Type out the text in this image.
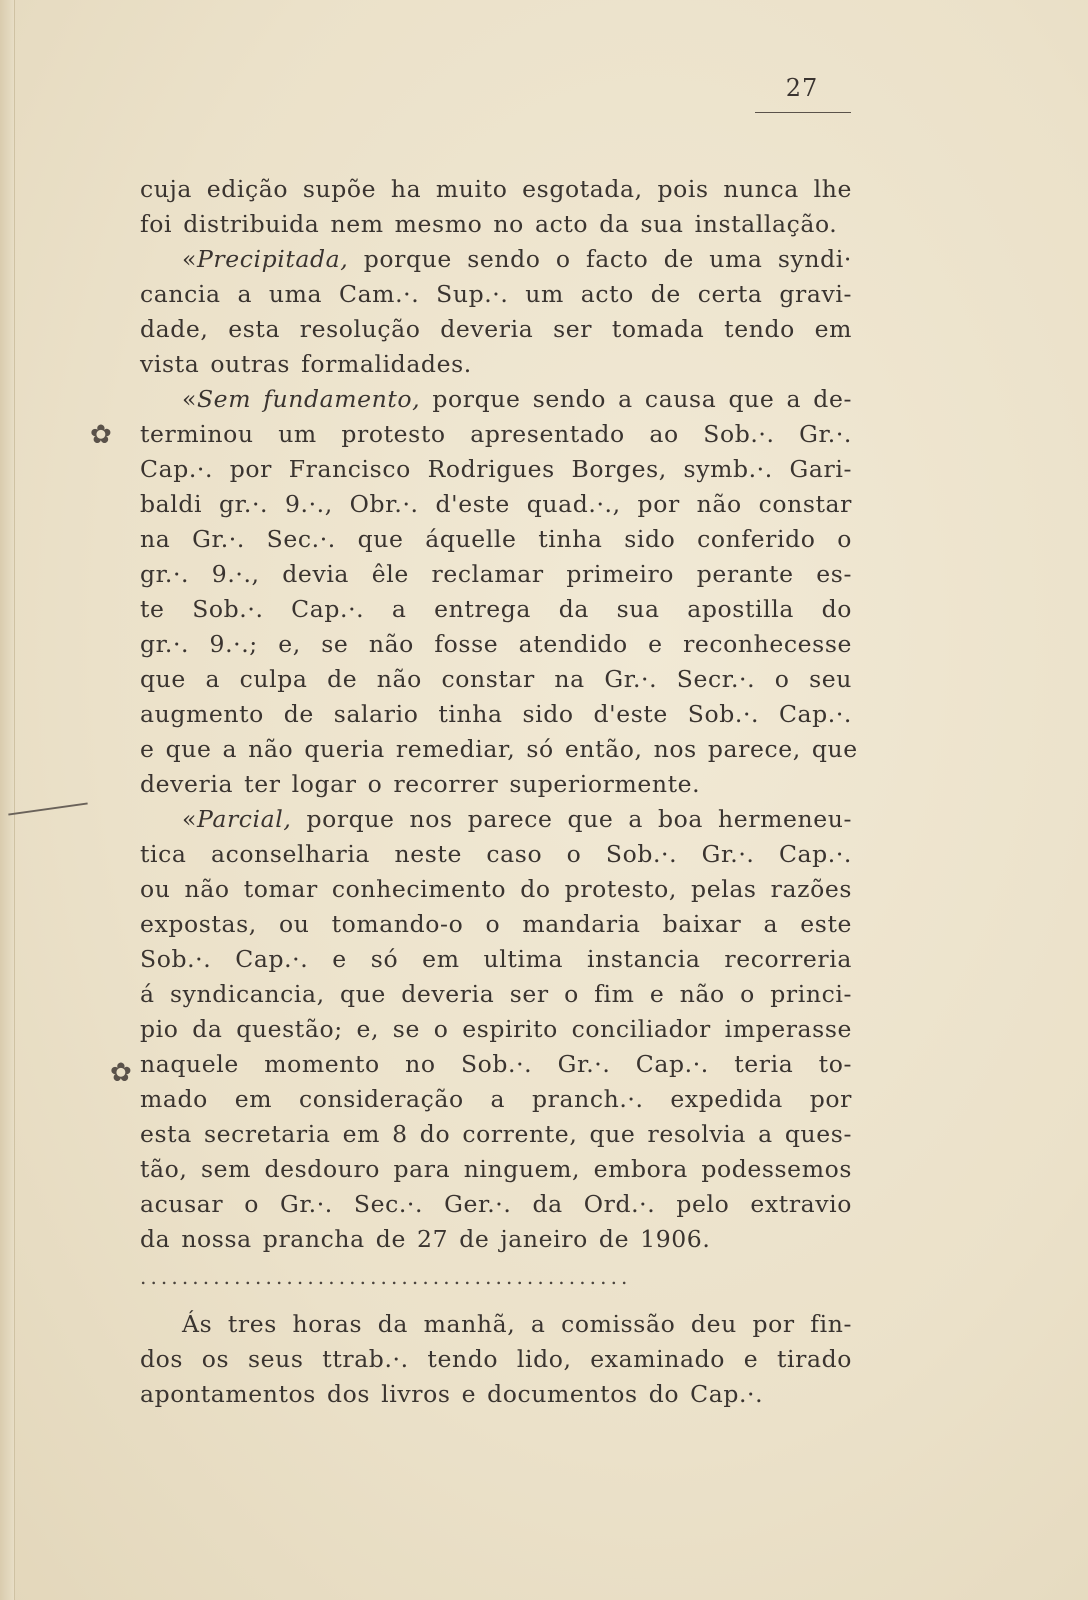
27
✿
✿
cuja edição supõe ha muito esgotada, pois nunca lhe
foi distribuida nem mesmo no acto da sua installação.
«Precipitada, porque sendo o facto de uma syndi·
cancia a uma Cam.·. Sup.·. um acto de certa gravi-
dade, esta resolução deveria ser tomada tendo em
vista outras formalidades.
«Sem fundamento, porque sendo a causa que a de-
terminou um protesto apresentado ao Sob.·. Gr.·.
Cap.·. por Francisco Rodrigues Borges, symb.·. Gari-
baldi gr.·. 9.·., Obr.·. d'este quad.·., por não constar
na Gr.·. Sec.·. que áquelle tinha sido conferido o
gr.·. 9.·., devia êle reclamar primeiro perante es-
te Sob.·. Cap.·. a entrega da sua apostilla do
gr.·. 9.·.; e, se não fosse atendido e reconhecesse
que a culpa de não constar na Gr.·. Secr.·. o seu
augmento de salario tinha sido d'este Sob.·. Cap.·.
e que a não queria remediar, só então, nos parece, que
deveria ter logar o recorrer superiormente.
«Parcial, porque nos parece que a boa hermeneu-
tica aconselharia neste caso o Sob.·. Gr.·. Cap.·.
ou não tomar conhecimento do protesto, pelas razões
expostas, ou tomando-o o mandaria baixar a este
Sob.·. Cap.·. e só em ultima instancia recorreria
á syndicancia, que deveria ser o fim e não o princi-
pio da questão; e, se o espirito conciliador imperasse
naquele momento no Sob.·. Gr.·. Cap.·. teria to-
mado em consideração a pranch.·. expedida por
esta secretaria em 8 do corrente, que resolvia a ques-
tão, sem desdouro para ninguem, embora podessemos
acusar o Gr.·. Sec.·. Ger.·. da Ord.·. pelo extravio
da nossa prancha de 27 de janeiro de 1906.
...............................................
Ás tres horas da manhã, a comissão deu por fin-
dos os seus ttrab.·. tendo lido, examinado e tirado
apontamentos dos livros e documentos do Cap.·.
